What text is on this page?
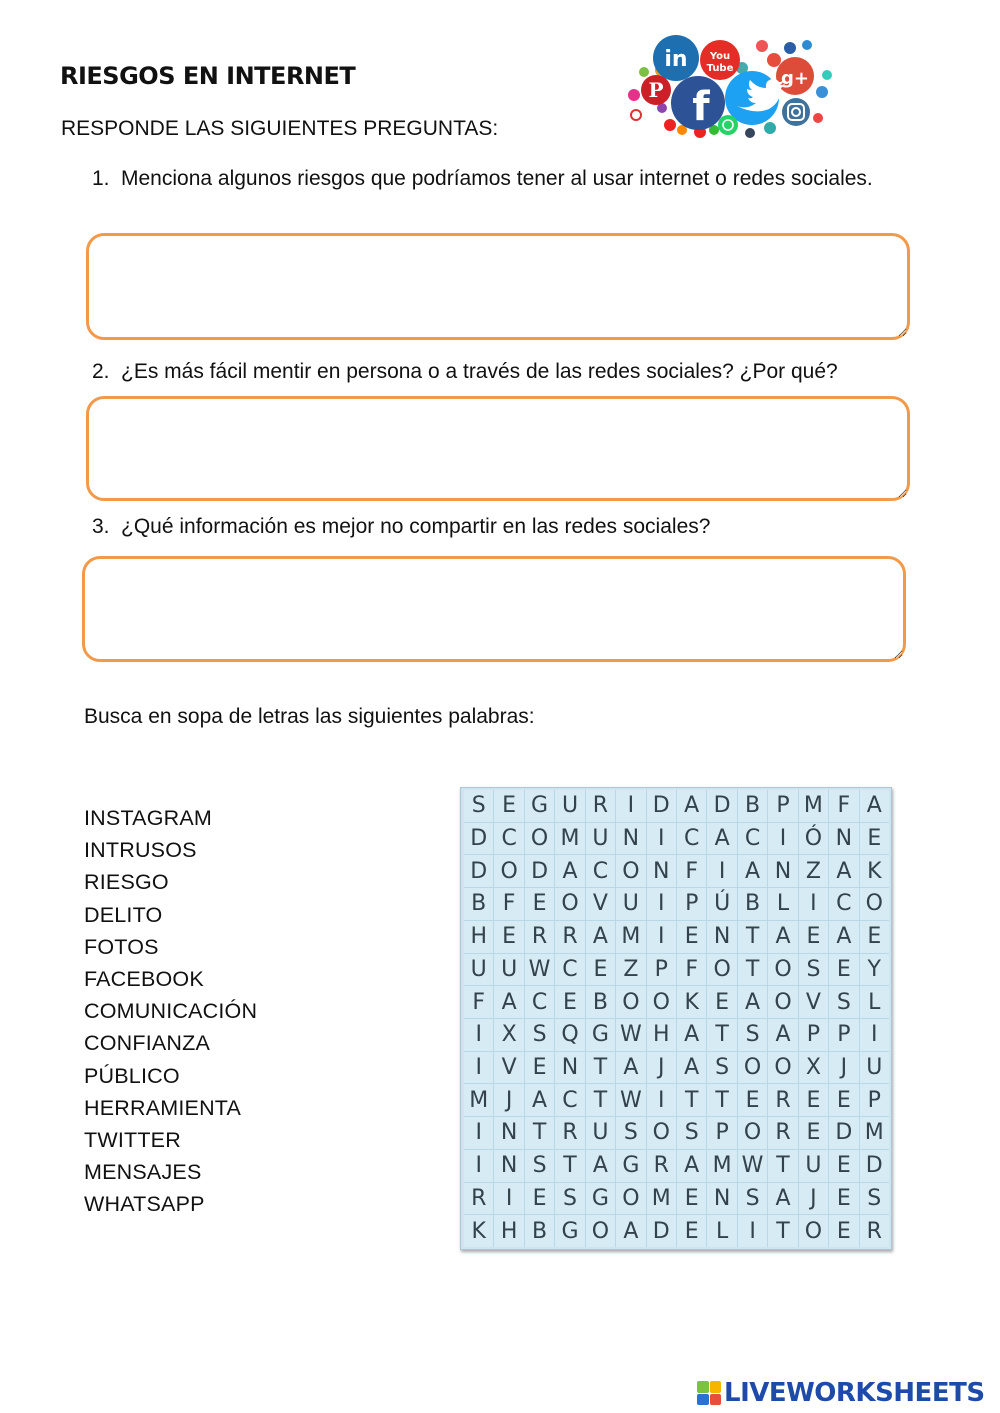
RIESGOS EN INTERNET
RESPONDE LAS SIGUIENTES PREGUNTAS:
in You
Tube	g+
P f
1. Menciona algunos riesgos que podríamos tener al usar internet o redes sociales.
2. ¿Es más fácil mentir en persona o a través de las redes sociales? ¿Por qué?
3. ¿Qué información es mejor no compartir en las redes sociales?
Busca en sopa de letras las siguientes palabras:
INSTAGRAM
INTRUSOS
RIESGO
DELITO
FOTOS
FACEBOOK
COMUNICACIÓN
CONFIANZA
PÚBLICO
HERRAMIENTA
TWITTER
MENSAJES
WHATSAPP
S E G U R I D A D B P M F A
D C O M U N I C A C I Ó N E
D O D A C O N F I A N Z A K
B F E O V U I P Ú B L I C O
H E R R A M I E N T A E A E
U U W C E Z P F O T O S E Y
F A C E B O O K E A O V S L
I X S Q G W H A T S A P P I
I V E N T A J A S O O X J U
M J A C T W I T T E R E E P
I N T R U S O S P O R E D M
I N S T A G R A M W T U E D
R I E S G O M E N S A J E S
K H B G O A D E L I T O E R
LIVEWORKSHEETS
